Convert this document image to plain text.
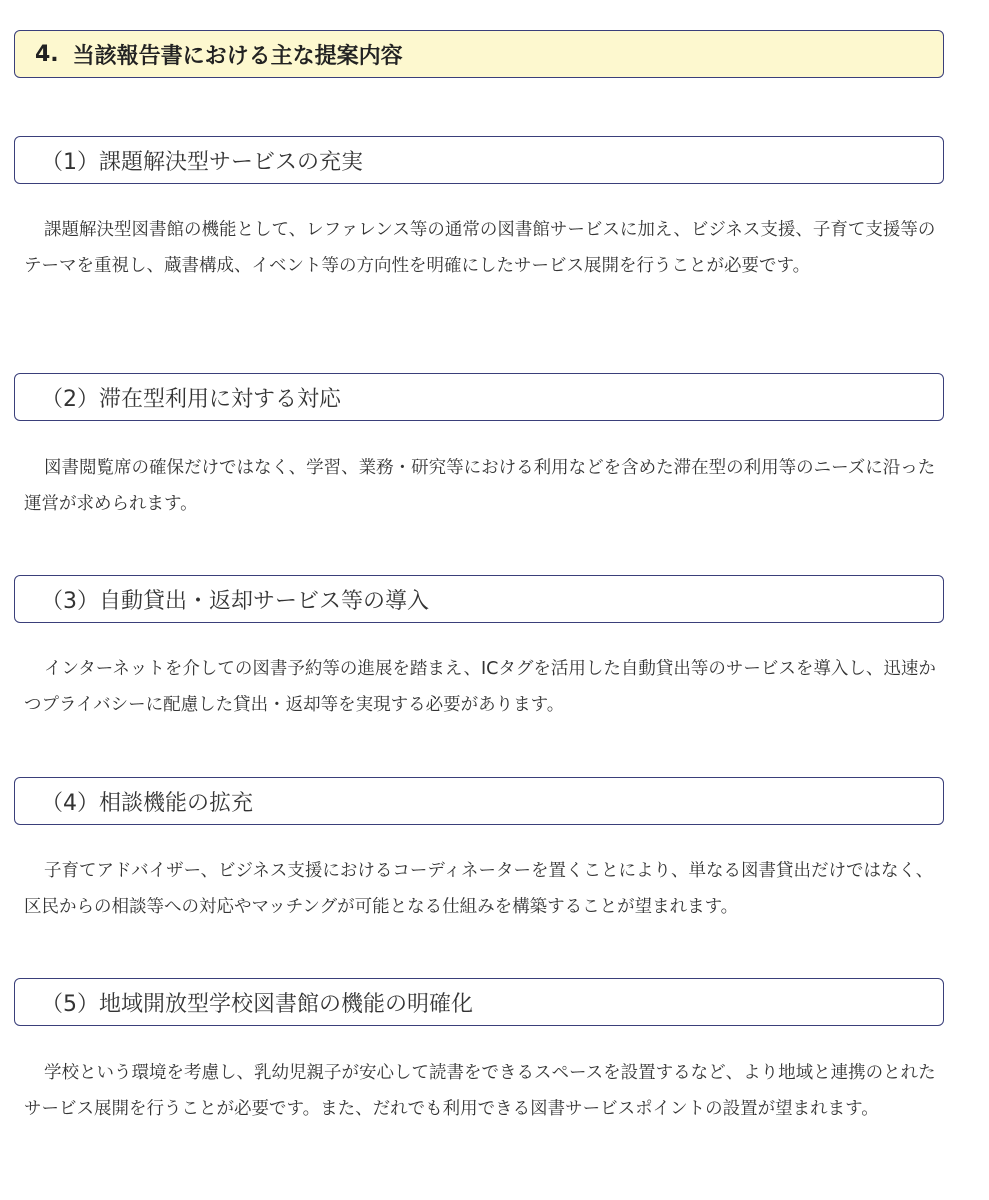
4. 当該報告書における主な提案内容
（1）課題解決型サービスの充実

課題解決型図書館の機能として、レファレンス等の通常の図書館サービスに加え、ビジネス支援、子育て支援等のテーマを重視し、蔵書構成、イベント等の方向性を明確にしたサービス展開を行うことが必要です。

（2）滞在型利用に対する対応

図書閲覧席の確保だけではなく、学習、業務・研究等における利用などを含めた滞在型の利用等のニーズに沿った運営が求められます。

（3）自動貸出・返却サービス等の導入

インターネットを介しての図書予約等の進展を踏まえ、ICタグを活用した自動貸出等のサービスを導入し、迅速かつプライバシーに配慮した貸出・返却等を実現する必要があります。

（4）相談機能の拡充

子育てアドバイザー、ビジネス支援におけるコーディネーターを置くことにより、単なる図書貸出だけではなく、区民からの相談等への対応やマッチングが可能となる仕組みを構築することが望まれます。

（5）地域開放型学校図書館の機能の明確化

学校という環境を考慮し、乳幼児親子が安心して読書をできるスペースを設置するなど、より地域と連携のとれたサービス展開を行うことが必要です。また、だれでも利用できる図書サービスポイントの設置が望まれます。
